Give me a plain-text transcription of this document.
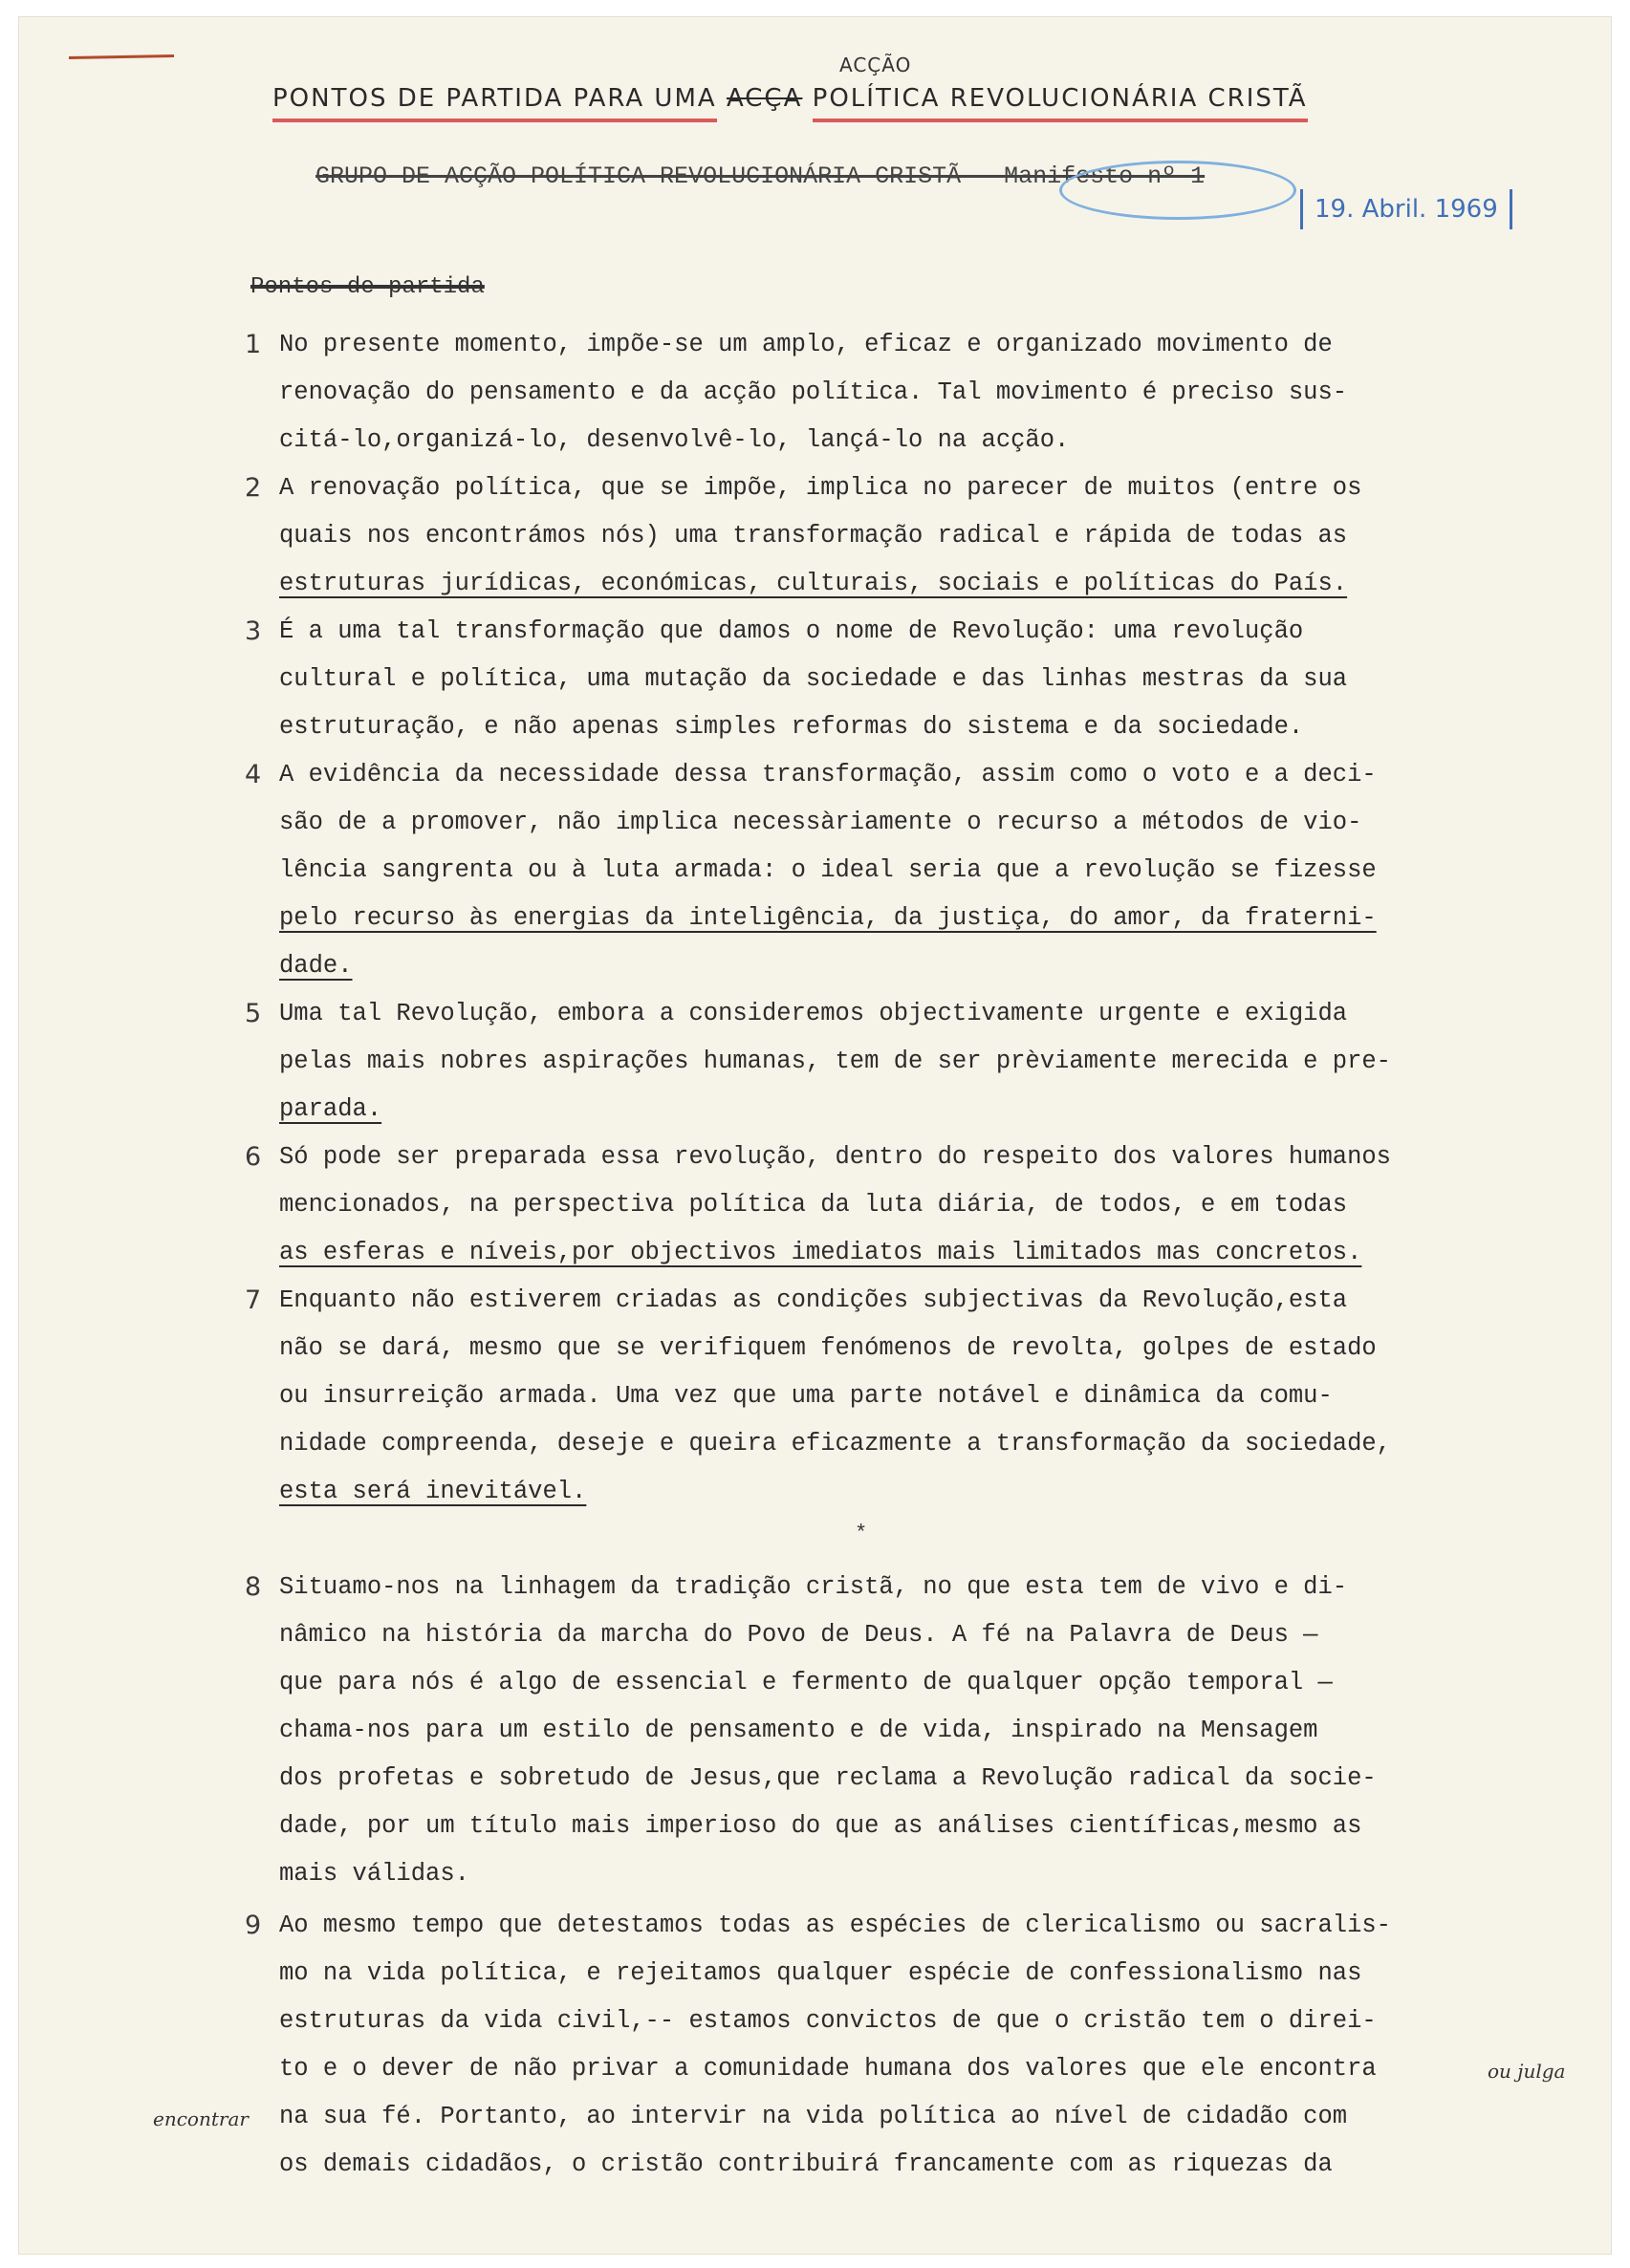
ACÇÃO
PONTOS DE PARTIDA PARA UMA ACÇA POLÍTICA REVOLUCIONÁRIA CRISTÃ
GRUPO DE ACÇÃO POLÍTICA REVOLUCIONÁRIA CRISTÃ - Manifesto nº 1
19. Abril. 1969
Pontos de partida
1 No presente momento, impõe-se um amplo, eficaz e organizado movimento de
renovação do pensamento e da acção política. Tal movimento é preciso sus-
citá-lo,organizá-lo, desenvolvê-lo, lançá-lo na acção.
2 A renovação política, que se impõe, implica no parecer de muitos (entre os
quais nos encontrámos nós) uma transformação radical e rápida de todas as
estruturas jurídicas, económicas, culturais, sociais e políticas do País.
3 É a uma tal transformação que damos o nome de Revolução: uma revolução
cultural e política, uma mutação da sociedade e das linhas mestras da sua
estruturação, e não apenas simples reformas do sistema e da sociedade.
4 A evidência da necessidade dessa transformação, assim como o voto e a deci-
são de a promover, não implica necessàriamente o recurso a métodos de vio-
lência sangrenta ou à luta armada: o ideal seria que a revolução se fizesse
pelo recurso às energias da inteligência, da justiça, do amor, da fraterni-
dade.
5 Uma tal Revolução, embora a consideremos objectivamente urgente e exigida
pelas mais nobres aspirações humanas, tem de ser prèviamente merecida e pre-
parada.
6 Só pode ser preparada essa revolução, dentro do respeito dos valores humanos
mencionados, na perspectiva política da luta diária, de todos, e em todas
as esferas e níveis,por objectivos imediatos mais limitados mas concretos.
7 Enquanto não estiverem criadas as condições subjectivas da Revolução,esta
não se dará, mesmo que se verifiquem fenómenos de revolta, golpes de estado
ou insurreição armada. Uma vez que uma parte notável e dinâmica da comu-
nidade compreenda, deseje e queira eficazmente a transformação da sociedade,
esta será inevitável.
*
8 Situamo-nos na linhagem da tradição cristã, no que esta tem de vivo e di-
nâmico na história da marcha do Povo de Deus. A fé na Palavra de Deus —
que para nós é algo de essencial e fermento de qualquer opção temporal —
chama-nos para um estilo de pensamento e de vida, inspirado na Mensagem
dos profetas e sobretudo de Jesus,que reclama a Revolução radical da socie-
dade, por um título mais imperioso do que as análises científicas,mesmo as
mais válidas.
9 Ao mesmo tempo que detestamos todas as espécies de clericalismo ou sacralis-
mo na vida política, e rejeitamos qualquer espécie de confessionalismo nas
estruturas da vida civil,-- estamos convictos de que o cristão tem o direi-
to e o dever de não privar a comunidade humana dos valores que ele encontra
na sua fé. Portanto, ao intervir na vida política ao nível de cidadão com
os demais cidadãos, o cristão contribuirá francamente com as riquezas da
ou julga
encontrar
